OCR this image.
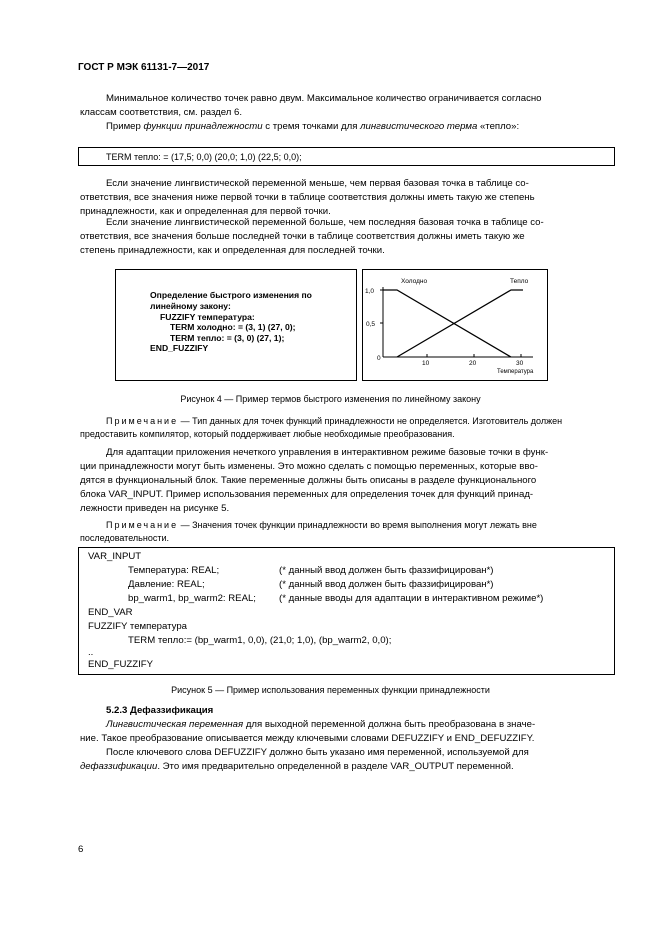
ГОСТ Р МЭК 61131-7—2017
Минимальное количество точек равно двум. Максимальное количество ограничивается согласно
классам соответствия, см. раздел 6.
Пример функции принадлежности с тремя точками для лингвистического терма «тепло»:
TERM тепло: = (17,5; 0,0) (20,0; 1,0) (22,5; 0,0);
Если значение лингвистической переменной меньше, чем первая базовая точка в таблице со-
ответствия, все значения ниже первой точки в таблице соответствия должны иметь такую же степень
принадлежности, как и определенная для первой точки.
Если значение лингвистической переменной больше, чем последняя базовая точка в таблице со-
ответствия, все значения больше последней точки в таблице соответствия должны иметь такую же
степень принадлежности, как и определенная для последней точки.
Определение быстрого изменения по
линейному закону:
FUZZIFY температура:
TERM холодно: = (3, 1) (27, 0);
TERM тепло: = (3, 0) (27, 1);
END_FUZZIFY
Холодно	Тепло
1,0
0,5
0
10	20	30
Температура
Рисунок 4 — Пример термов быстрого изменения по линейному закону
Примечание — Тип данных для точек функций принадлежности не определяется. Изготовитель должен
предоставить компилятор, который поддерживает любые необходимые преобразования.
Для адаптации приложения нечеткого управления в интерактивном режиме базовые точки в функ-
ции принадлежности могут быть изменены. Это можно сделать с помощью переменных, которые вво-
дятся в функциональный блок. Такие переменные должны быть описаны в разделе функционального
блока VAR_INPUT. Пример использования переменных для определения точек для функций принад-
лежности приведен на рисунке 5.
Примечание — Значения точек функции принадлежности во время выполнения могут лежать вне
последовательности.
VAR_INPUT
Температура: REAL;	(* данный ввод должен быть фаззифицирован*)
Давление: REAL;	(* данный ввод должен быть фаззифицирован*)
bp_warm1, bp_warm2: REAL; (* данные вводы для адаптации в интерактивном режиме*)
END_VAR
FUZZIFY температура
TERM тепло:= (bp_warm1, 0,0), (21,0; 1,0), (bp_warm2, 0,0);
..
END_FUZZIFY
Рисунок 5 — Пример использования переменных функции принадлежности
5.2.3 Дефаззификация
Лингвистическая переменная для выходной переменной должна быть преобразована в значе-
ние. Такое преобразование описывается между ключевыми словами DEFUZZIFY и END_DEFUZZIFY.
После ключевого слова DEFUZZIFY должно быть указано имя переменной, используемой для
дефаззификации. Это имя предварительно определенной в разделе VAR_OUTPUT переменной.
6
